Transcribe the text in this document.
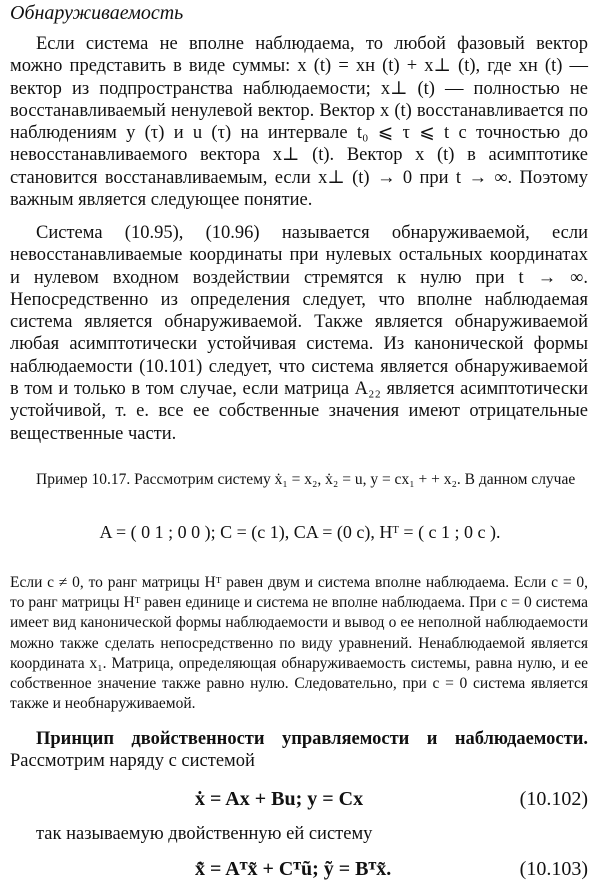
Обнаруживаемость

Если система не вполне наблюдаема, то любой фазовый вектор можно представить в виде суммы: x (t) = xн (t) + x⊥ (t), где xн (t) — вектор из подпространства наблюдаемости; x⊥ (t) — полностью не восстанавливаемый ненулевой вектор. Вектор x (t) восстанавливается по наблюдениям y (τ) и u (τ) на интервале t₀ ⩽ τ ⩽ t с точностью до невосстанавливаемого вектора x⊥ (t). Вектор x (t) в асимптотике становится восстанавливаемым, если x⊥ (t) → 0 при t → ∞. Поэтому важным является следующее понятие.

Система (10.95), (10.96) называется обнаруживаемой, если невосстанавливаемые координаты при нулевых остальных координатах и нулевом входном воздействии стремятся к нулю при t → ∞. Непосредственно из определения следует, что вполне наблюдаемая система является обнаруживаемой. Также является обнаруживаемой любая асимптотически устойчивая система. Из канонической формы наблюдаемости (10.101) следует, что система является обнаруживаемой в том и только в том случае, если матрица A₂₂ является асимптотически устойчивой, т. е. все ее собственные значения имеют отрицательные вещественные части.

Пример 10.17. Рассмотрим систему ẋ₁ = x₂, ẋ₂ = u, y = cx₁ + + x₂. В данном случае

A = ( 0 1 ; 0 0 ); C = (c 1), CA = (0 c), Hᵀ = ( c 1 ; 0 c ).

Если c ≠ 0, то ранг матрицы Hᵀ равен двум и система вполне наблюдаема. Если c = 0, то ранг матрицы Hᵀ равен единице и система не вполне наблюдаема. При c = 0 система имеет вид канонической формы наблюдаемости и вывод о ее неполной наблюдаемости можно также сделать непосредственно по виду уравнений. Ненаблюдаемой является координата x₁. Матрица, определяющая обнаруживаемость системы, равна нулю, и ее собственное значение также равно нулю. Следовательно, при c = 0 система является также и необнаруживаемой.

Принцип двойственности управляемости и наблюдаемости. Рассмотрим наряду с системой

ẋ = Ax + Bu; y = Cx	(10.102)

так называемую двойственную ей систему

x̃̇ = Aᵀx̃ + Cᵀũ; ỹ = Bᵀx̃.	(10.103)
